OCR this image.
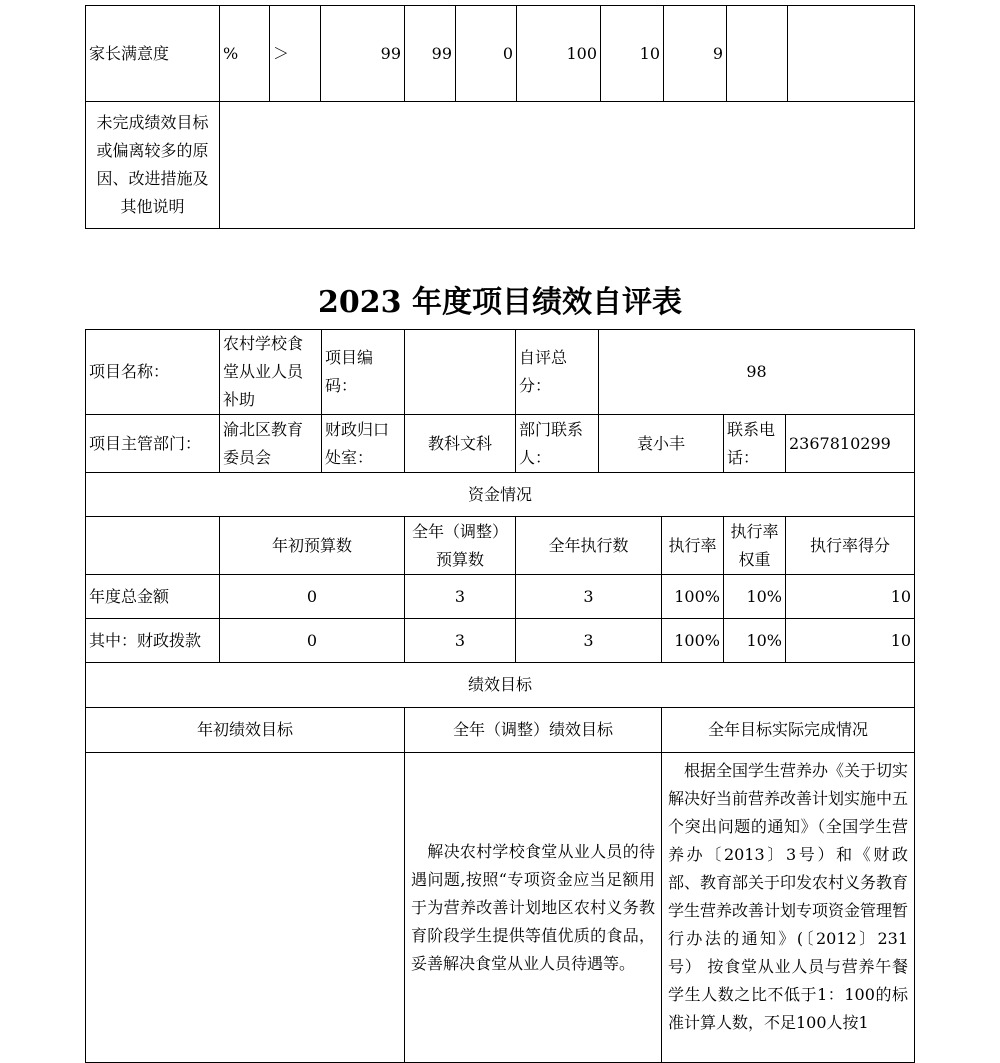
家长满意度	%	＞	99	99	0	100	10	9		
未完成绩效目标或偏离较多的原因、改进措施及其他说明										
2023 年度项目绩效自评表
项目名称：	农村学校食堂从业人员补助	项目编码：		自评总分：	98			
项目主管部门：	渝北区教育委员会	财政归口处室：	教科文科	部门联系人：	袁小丰		联系电话：	2367810299
资金情况								
	年初预算数		全年（调整）预算数	全年执行数		执行率	执行率权重	执行率得分
年度总金额	0		3	3		100%	10%	10
其中：财政拨款	0		3	3		100%	10%	10
绩效目标								
年初绩效目标			全年（调整）绩效目标			全年目标实际完成情况		
			　解决农村学校食堂从业人员的待遇问题,按照“专项资金应当足额用于为营养改善计划地区农村义务教育阶段学生提供等值优质的食品，妥善解决食堂从业人员待遇等。			　根据全国学生营养办《关于切实解决好当前营养改善计划实施中五个突出问题的通知》（全国学生营养办〔2013〕3号）和《财政部、教育部关于印发农村义务教育学生营养改善计划专项资金管理暂行办法的通知》(〔2012〕231号） 按食堂从业人员与营养午餐学生人数之比不低于1：100的标准计算人数，不足100人按1		
